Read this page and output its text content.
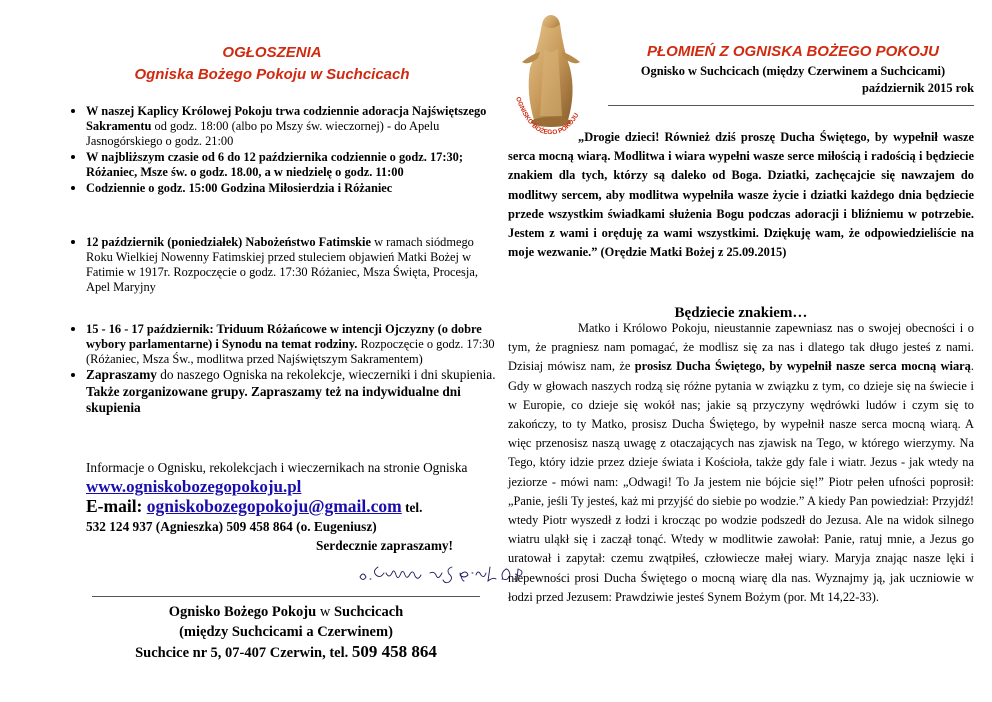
OGŁOSZENIA
Ogniska Bożego Pokoju w Suchcicach
• W naszej Kaplicy Królowej Pokoju trwa codziennie adoracja Najświętszego Sakramentu od godz. 18:00 (albo po Mszy św. wieczornej) - do Apelu Jasnogórskiego o godz. 21:00
• W najbliższym czasie od 6 do 12 października codziennie o godz. 17:30; Różaniec, Msze św. o godz. 18.00, a w niedzielę o godz. 11:00
• Codziennie o godz. 15:00 Godzina Miłosierdzia i Różaniec
• 12 październik (poniedziałek) Nabożeństwo Fatimskie w ramach siódmego Roku Wielkiej Nowenny Fatimskiej przed stuleciem objawień Matki Bożej w Fatimie w 1917r. Rozpoczęcie o godz. 17:30 Różaniec, Msza Święta, Procesja, Apel Maryjny
• 15 - 16 - 17 październik: Triduum Różańcowe w intencji Ojczyzny (o dobre wybory parlamentarne) i Synodu na temat rodziny. Rozpoczęcie o godz. 17:30 (Różaniec, Msza Św., modlitwa przed Najświętszym Sakramentem)
• Zapraszamy do naszego Ogniska na rekolekcje, wieczerniki i dni skupienia. Także zorganizowane grupy. Zapraszamy też na indywidualne dni skupienia
Informacje o Ognisku, rekolekcjach i wieczernikach na stronie Ogniska www.ogniskobozegopokoju.pl
E-mail: ogniskobozegopokoju@gmail.com tel.
532 124 937 (Agnieszka) 509 458 864 (o. Eugeniusz)
Serdecznie zapraszamy!
Ognisko Bożego Pokoju w Suchcicach
(między Suchcicami a Czerwinem)
Suchcice nr 5, 07-407 Czerwin, tel. 509 458 864
OGNISKO BOŻEGO POKOJU
PŁOMIEŃ Z OGNISKA BOŻEGO POKOJU
Ognisko w Suchcicach (między Czerwinem a Suchcicami)
październik 2015 rok

„Drogie dzieci! Również dziś proszę Ducha Świętego, by wypełnił wasze serca mocną wiarą. Modlitwa i wiara wypełni wasze serce miłością i radością i będziecie znakiem dla tych, którzy są daleko od Boga. Dziatki, zachęcajcie się nawzajem do modlitwy sercem, aby modlitwa wypełniła wasze życie i dziatki każdego dnia będziecie przede wszystkim świadkami służenia Bogu podczas adoracji i bliźniemu w potrzebie. Jestem z wami i oręduję za wami wszystkimi. Dziękuję wam, że odpowiedzieliście na moje wezwanie.” (Orędzie Matki Bożej z 25.09.2015)

Będziecie znakiem…

Matko i Królowo Pokoju, nieustannie zapewniasz nas o swojej obecności i o tym, że pragniesz nam pomagać, że modlisz się za nas i dlatego tak długo jesteś z nami. Dzisiaj mówisz nam, że prosisz Ducha Świętego, by wypełnił nasze serca mocną wiarą. Gdy w głowach naszych rodzą się różne pytania w związku z tym, co dzieje się na świecie i w Europie, co dzieje się wokół nas; jakie są przyczyny wędrówki ludów i czym się to zakończy, to ty Matko, prosisz Ducha Świętego, by wypełnił nasze serca mocną wiarą. A więc przenosisz naszą uwagę z otaczających nas zjawisk na Tego, w którego wierzymy. Na Tego, który idzie przez dzieje świata i Kościoła, także gdy fale i wiatr. Jezus - jak wtedy na jeziorze - mówi nam: „Odwagi! To Ja jestem nie bójcie się!” Piotr pełen ufności poprosił: „Panie, jeśli Ty jesteś, każ mi przyjść do siebie po wodzie.” A kiedy Pan powiedział: Przyjdź! wtedy Piotr wyszedł z łodzi i krocząc po wodzie podszedł do Jezusa. Ale na widok silnego wiatru uląkł się i zaczął tonąć. Wtedy w modlitwie zawołał: Panie, ratuj mnie, a Jezus go uratował i zapytał: czemu zwątpiłeś, człowiecze małej wiary. Maryja znając nasze lęki i niepewności prosi Ducha Świętego o mocną wiarę dla nas. Wyznajmy ją, jak uczniowie w łodzi przed Jezusem: Prawdziwie jesteś Synem Bożym (por. Mt 14,22-33).
